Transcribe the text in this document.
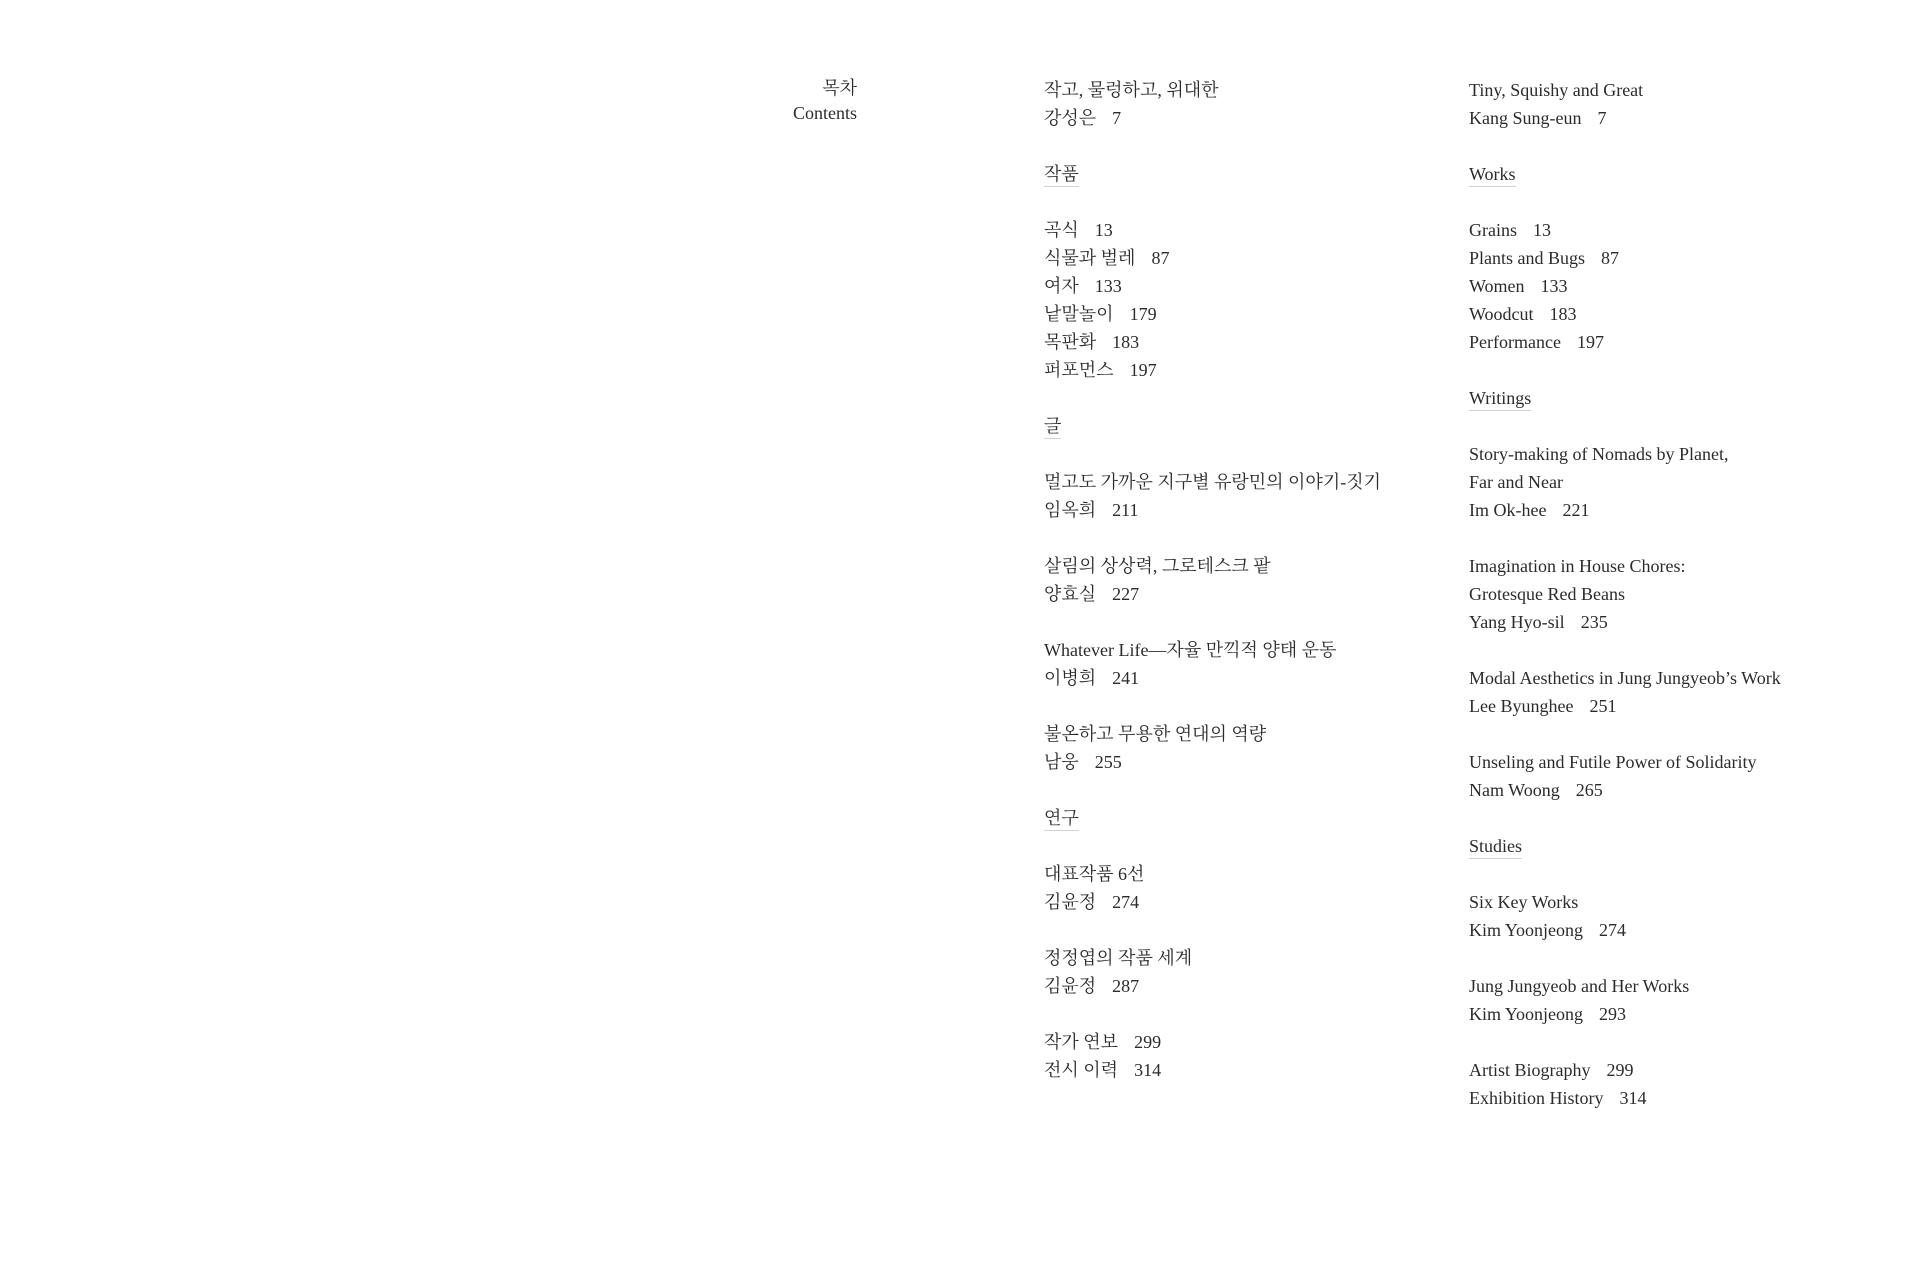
목차
Contents
작고, 물렁하고, 위대한
강성은 7
작품
곡식 13
식물과 벌레 87
여자 133
낱말놀이 179
목판화 183
퍼포먼스 197
글
멀고도 가까운 지구별 유랑민의 이야기-짓기
임옥희 211
살림의 상상력, 그로테스크 팥
양효실 227
Whatever Life—자율 만끽적 양태 운동
이병희 241
불온하고 무용한 연대의 역량
남웅 255
연구
대표작품 6선
김윤정 274
정정엽의 작품 세계
김윤정 287
작가 연보 299
전시 이력 314
Tiny, Squishy and Great
Kang Sung-eun 7
Works
Grains 13
Plants and Bugs 87
Women 133
Woodcut 183
Performance 197
Writings
Story-making of Nomads by Planet,
Far and Near
Im Ok-hee 221
Imagination in House Chores:
Grotesque Red Beans
Yang Hyo-sil 235
Modal Aesthetics in Jung Jungyeob’s Work
Lee Byunghee 251
Unseling and Futile Power of Solidarity
Nam Woong 265
Studies
Six Key Works
Kim Yoonjeong 274
Jung Jungyeob and Her Works
Kim Yoonjeong 293
Artist Biography 299
Exhibition History 314
